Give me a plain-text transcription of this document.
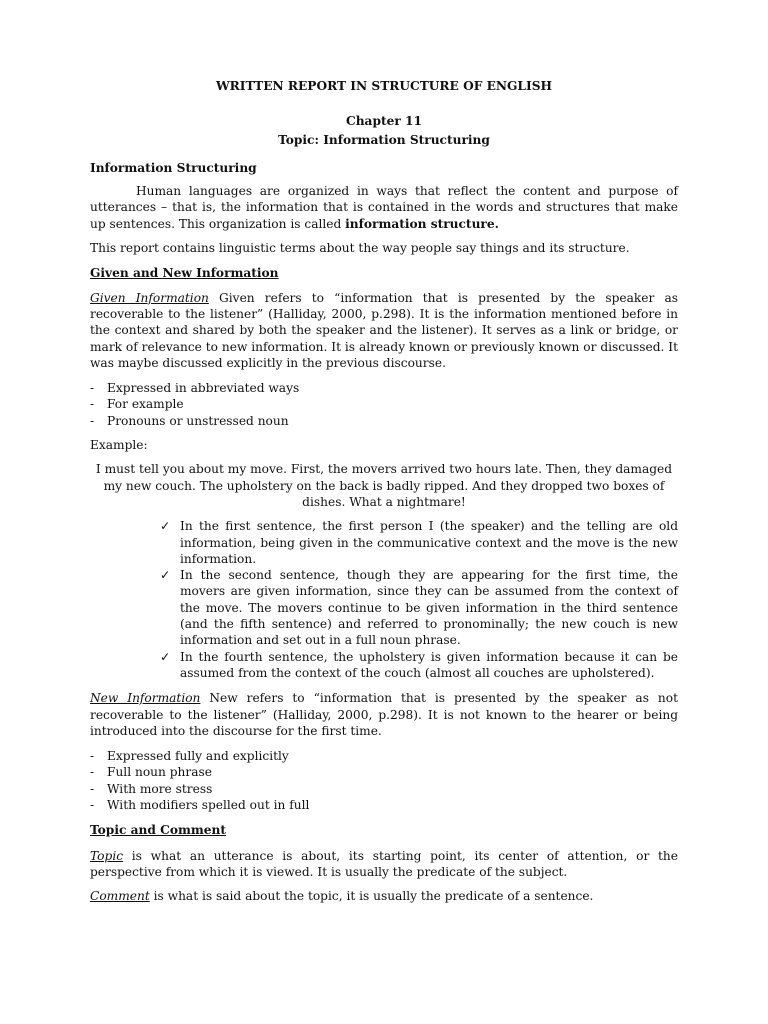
WRITTEN REPORT IN STRUCTURE OF ENGLISH

Chapter 11

Topic: Information Structuring

Information Structuring

Human languages are organized in ways that reflect the content and purpose of utterances – that is, the information that is contained in the words and structures that make up sentences. This organization is called information structure.

This report contains linguistic terms about the way people say things and its structure.

Given and New Information

Given Information Given refers to “information that is presented by the speaker as recoverable to the listener” (Halliday, 2000, p.298). It is the information mentioned before in the context and shared by both the speaker and the listener). It serves as a link or bridge, or mark of relevance to new information. It is already known or previously known or discussed. It was maybe discussed explicitly in the previous discourse.

- Expressed in abbreviated ways
- For example
- Pronouns or unstressed noun

Example:

I must tell you about my move. First, the movers arrived two hours late. Then, they damaged my new couch. The upholstery on the back is badly ripped. And they dropped two boxes of dishes. What a nightmare!

✓ In the first sentence, the first person I (the speaker) and the telling are old information, being given in the communicative context and the move is the new information.
✓ In the second sentence, though they are appearing for the first time, the movers are given information, since they can be assumed from the context of the move. The movers continue to be given information in the third sentence (and the fifth sentence) and referred to pronominally; the new couch is new information and set out in a full noun phrase.
✓ In the fourth sentence, the upholstery is given information because it can be assumed from the context of the couch (almost all couches are upholstered).

New Information New refers to “information that is presented by the speaker as not recoverable to the listener” (Halliday, 2000, p.298). It is not known to the hearer or being introduced into the discourse for the first time.

- Expressed fully and explicitly
- Full noun phrase
- With more stress
- With modifiers spelled out in full

Topic and Comment

Topic is what an utterance is about, its starting point, its center of attention, or the perspective from which it is viewed. It is usually the predicate of the subject.

Comment is what is said about the topic, it is usually the predicate of a sentence.
